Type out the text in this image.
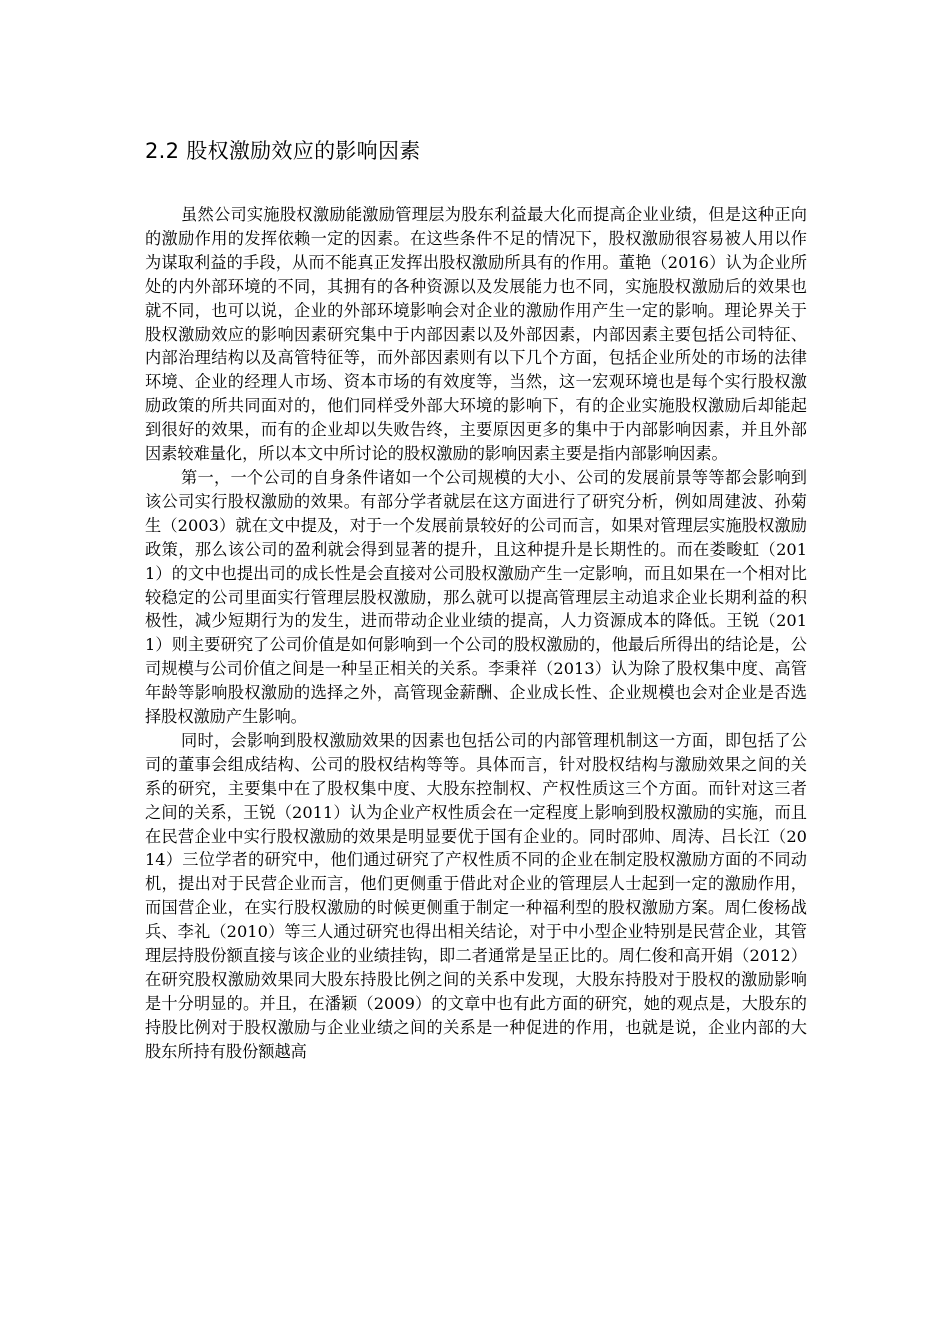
2.2 股权激励效应的影响因素

虽然公司实施股权激励能激励管理层为股东利益最大化而提高企业业绩，但是这种正向的激励作用的发挥依赖一定的因素。在这些条件不足的情况下，股权激励很容易被人用以作为谋取利益的手段，从而不能真正发挥出股权激励所具有的作用。董艳（2016）认为企业所处的内外部环境的不同，其拥有的各种资源以及发展能力也不同，实施股权激励后的效果也就不同，也可以说，企业的外部环境影响会对企业的激励作用产生一定的影响。理论界关于股权激励效应的影响因素研究集中于内部因素以及外部因素，内部因素主要包括公司特征、内部治理结构以及高管特征等，而外部因素则有以下几个方面，包括企业所处的市场的法律环境、企业的经理人市场、资本市场的有效度等，当然，这一宏观环境也是每个实行股权激励政策的所共同面对的，他们同样受外部大环境的影响下，有的企业实施股权激励后却能起到很好的效果，而有的企业却以失败告终，主要原因更多的集中于内部影响因素，并且外部因素较难量化，所以本文中所讨论的股权激励的影响因素主要是指内部影响因素。

第一，一个公司的自身条件诸如一个公司规模的大小、公司的发展前景等等都会影响到该公司实行股权激励的效果。有部分学者就层在这方面进行了研究分析，例如周建波、孙菊生（2003）就在文中提及，对于一个发展前景较好的公司而言，如果对管理层实施股权激励政策，那么该公司的盈利就会得到显著的提升，且这种提升是长期性的。而在娄畯虹（2011）的文中也提出司的成长性是会直接对公司股权激励产生一定影响，而且如果在一个相对比较稳定的公司里面实行管理层股权激励，那么就可以提高管理层主动追求企业长期利益的积极性，减少短期行为的发生，进而带动企业业绩的提高，人力资源成本的降低。王锐（2011）则主要研究了公司价值是如何影响到一个公司的股权激励的，他最后所得出的结论是，公司规模与公司价值之间是一种呈正相关的关系。李秉祥（2013）认为除了股权集中度、高管年龄等影响股权激励的选择之外，高管现金薪酬、企业成长性、企业规模也会对企业是否选择股权激励产生影响。

同时，会影响到股权激励效果的因素也包括公司的内部管理机制这一方面，即包括了公司的董事会组成结构、公司的股权结构等等。具体而言，针对股权结构与激励效果之间的关系的研究，主要集中在了股权集中度、大股东控制权、产权性质这三个方面。而针对这三者之间的关系，王锐（2011）认为企业产权性质会在一定程度上影响到股权激励的实施，而且在民营企业中实行股权激励的效果是明显要优于国有企业的。同时邵帅、周涛、吕长江（2014）三位学者的研究中，他们通过研究了产权性质不同的企业在制定股权激励方面的不同动机，提出对于民营企业而言，他们更侧重于借此对企业的管理层人士起到一定的激励作用，而国营企业，在实行股权激励的时候更侧重于制定一种福利型的股权激励方案。周仁俊杨战兵、李礼（2010）等三人通过研究也得出相关结论，对于中小型企业特别是民营企业，其管理层持股份额直接与该企业的业绩挂钩，即二者通常是呈正比的。周仁俊和高开娟（2012）在研究股权激励效果同大股东持股比例之间的关系中发现，大股东持股对于股权的激励影响是十分明显的。并且，在潘颖（2009）的文章中也有此方面的研究，她的观点是，大股东的持股比例对于股权激励与企业业绩之间的关系是一种促进的作用，也就是说，企业内部的大股东所持有股份额越高
